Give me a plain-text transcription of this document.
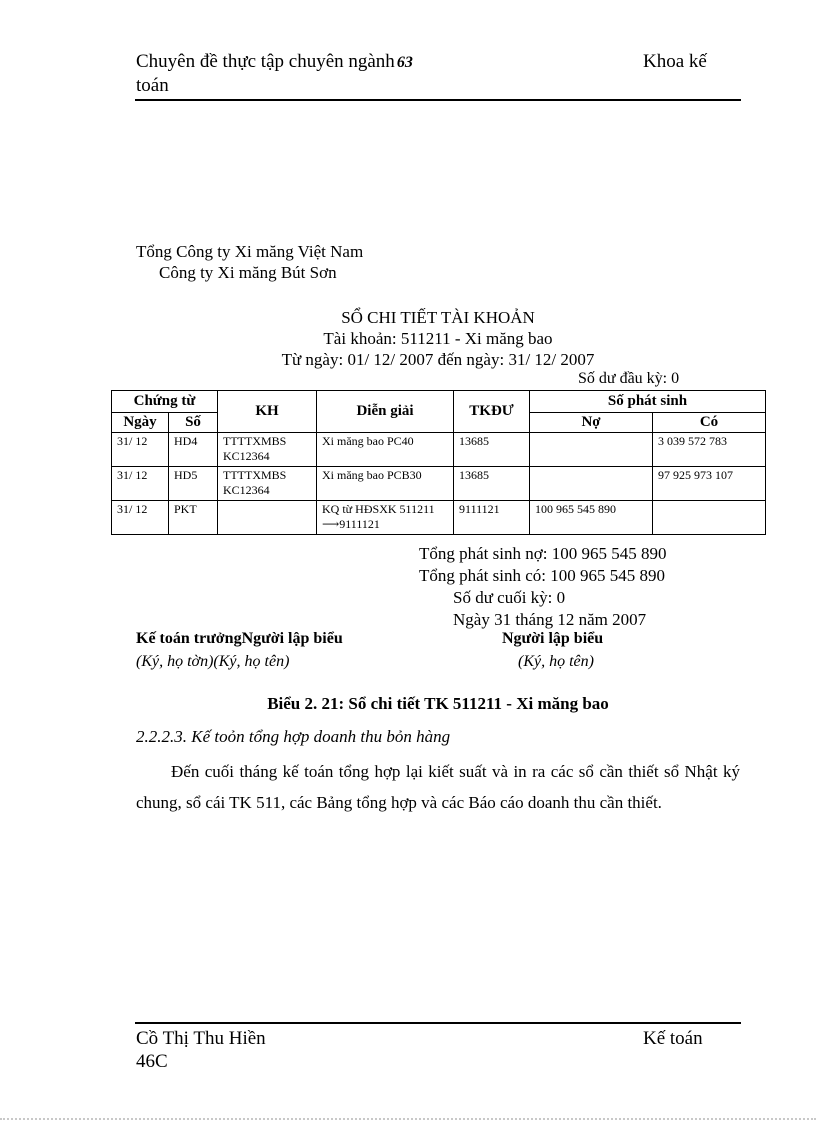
Chuyên đề thực tập chuyên ngành 63
toán
Khoa kế
Tổng Công ty Xi măng Việt Nam
Công ty Xi măng Bút Sơn
SỔ CHI TIẾT TÀI KHOẢN
Tài khoản: 511211 - Xi măng bao
Từ ngày: 01/ 12/ 2007 đến ngày: 31/ 12/ 2007
Số dư đầu kỳ: 0
Chứng từ		KH	Diễn giải	TKĐƯ	Số phát sinh	
Ngày	Số				Nợ	Có
31/ 12	HD4	TTTTXMBS KC12364	Xi măng bao PC40	13685		3 039 572 783
31/ 12	HD5	TTTTXMBS KC12364	Xi măng bao PCB30	13685		97 925 973 107
31/ 12	PKT		KQ từ HĐSXK 511211 ⟶9111121	9111121	100 965 545 890	
Tổng phát sinh nợ: 100 965 545 890
Tổng phát sinh có: 100 965 545 890
Số dư cuối kỳ: 0
Ngày 31 tháng 12 năm 2007
Kế toán trưởngNgười lập biểu	Người lập biểu
(Ký, họ tờn)(Ký, họ tên)	(Ký, họ tên)
Biểu 2. 21: Sổ chi tiết TK 511211 - Xi măng bao
2.2.2.3. Kế toỏn tổng hợp doanh thu bỏn hàng
Đến cuối tháng kế toán tổng hợp lại kiết suất và in ra các sổ cần thiết sổ Nhật ký chung, sổ cái TK 511, các Bảng tổng hợp và các Báo cáo doanh thu cần thiết.
Cồ Thị Thu Hiền
46C
Kế toán
